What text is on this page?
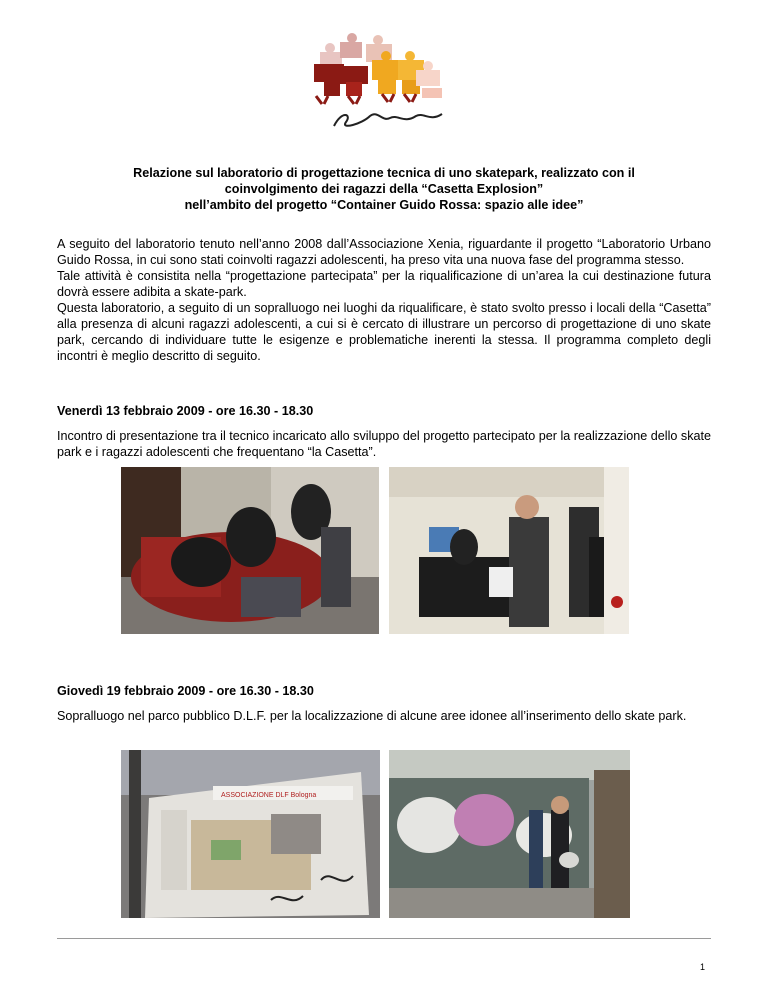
Relazione sul laboratorio di progettazione tecnica di uno skatepark, realizzato con il
coinvolgimento dei ragazzi della “Casetta Explosion”
nell’ambito del progetto “Container Guido Rossa: spazio alle idee”
A seguito del laboratorio tenuto nell’anno 2008 dall’Associazione Xenia, riguardante il progetto “Laboratorio Urbano Guido Rossa, in cui sono stati coinvolti ragazzi adolescenti, ha preso vita una nuova fase del programma stesso.
Tale attività è consistita nella “progettazione partecipata” per la riqualificazione di un’area la cui destinazione futura dovrà essere adibita a skate-park.
Questa laboratorio, a seguito di un sopralluogo nei luoghi da riqualificare, è stato svolto presso i locali della “Casetta” alla presenza di alcuni ragazzi adolescenti, a cui si è cercato di illustrare un percorso di progettazione di uno skate park, cercando di individuare tutte le esigenze e problematiche inerenti la stessa. Il programma completo degli incontri è meglio descritto di seguito.
Venerdì 13 febbraio 2009 - ore 16.30 - 18.30
Incontro di presentazione tra il tecnico incaricato allo sviluppo del progetto partecipato per la realizzazione dello skate park e i ragazzi adolescenti che frequentano “la Casetta”.
Giovedì 19 febbraio 2009 - ore 16.30 - 18.30
Sopralluogo nel parco pubblico D.L.F. per la localizzazione di alcune aree idonee all’inserimento dello skate park.
ASSOCIAZIONE DLF Bologna
1
